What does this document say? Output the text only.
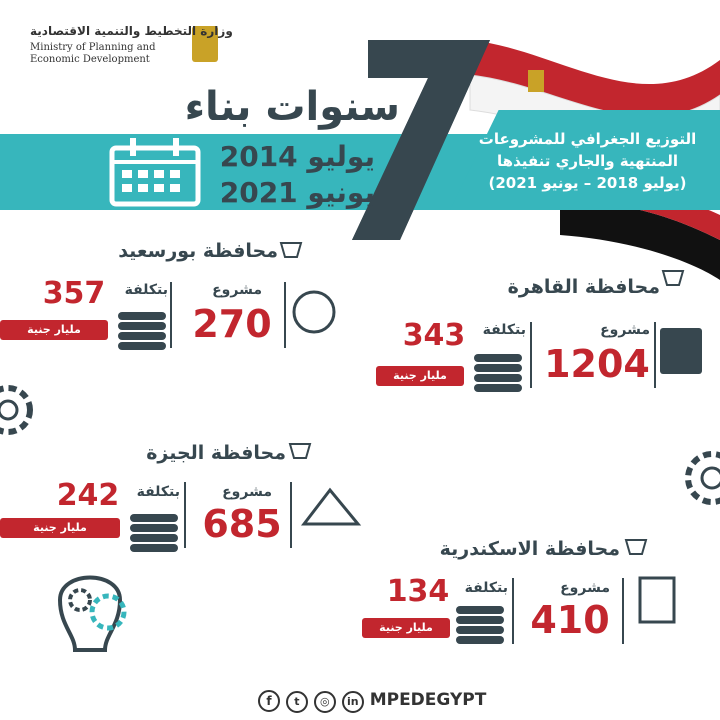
وزارة التخطيط والتنمية الاقتصادية
Ministry of Planning and Economic Development
سنوات بناء
يوليو 2014
يونيو 2021
التوزيع الجغرافي للمشروعات
المنتهية والجاري تنفيذها
(يوليو 2018 – يونيو 2021)
محافظة بورسعيد
مشروع
270
بتكلفة
357
مليار جنية
محافظة القاهرة
مشروع
1204
بتكلفة
343
مليار جنية
محافظة الجيزة
مشروع
685
بتكلفة
242
مليار جنية
محافظة الاسكندرية
مشروع
410
بتكلفة
134
مليار جنية
f t ◎ in MPEDEGYPT
